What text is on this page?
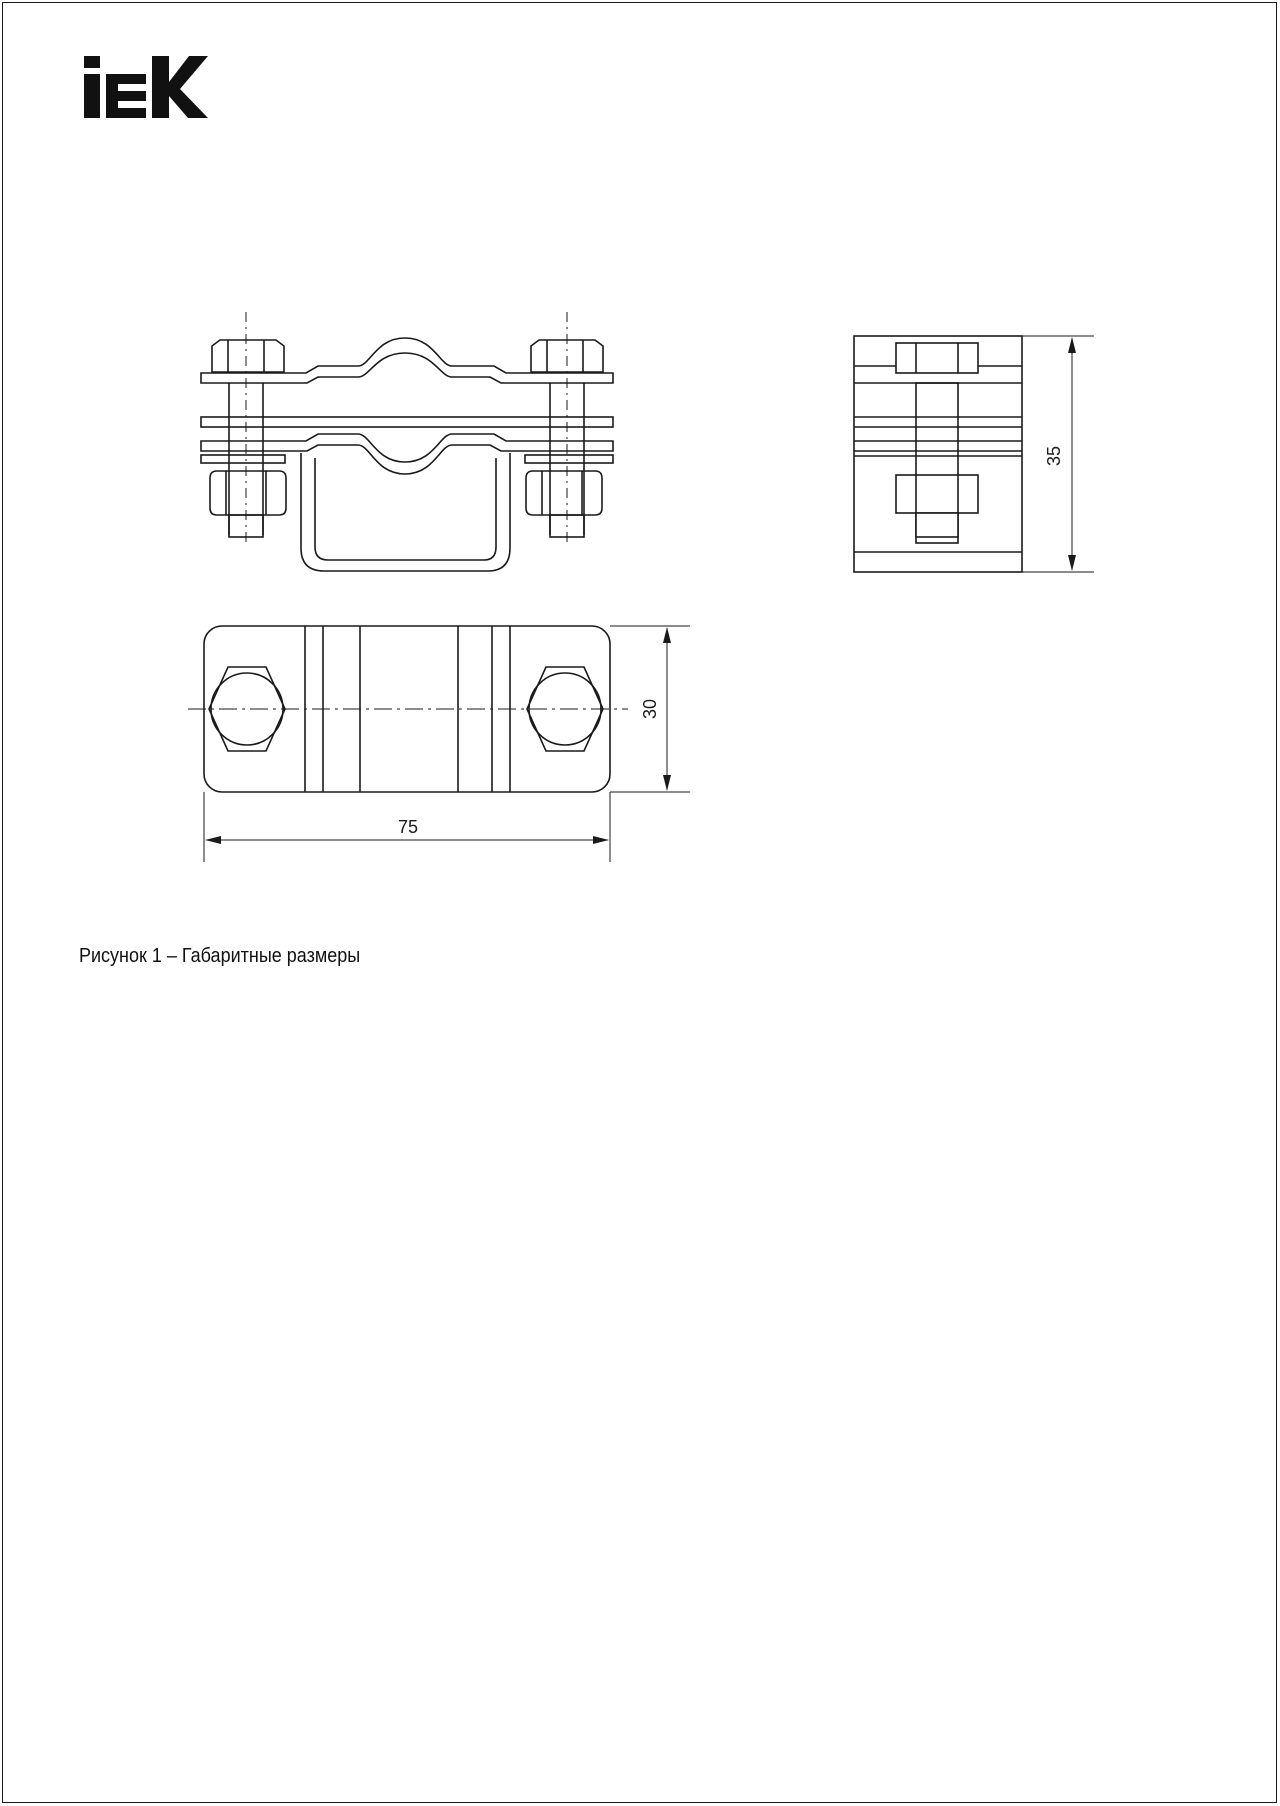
35
30
75
Рисунок 1 – Габаритные размеры
